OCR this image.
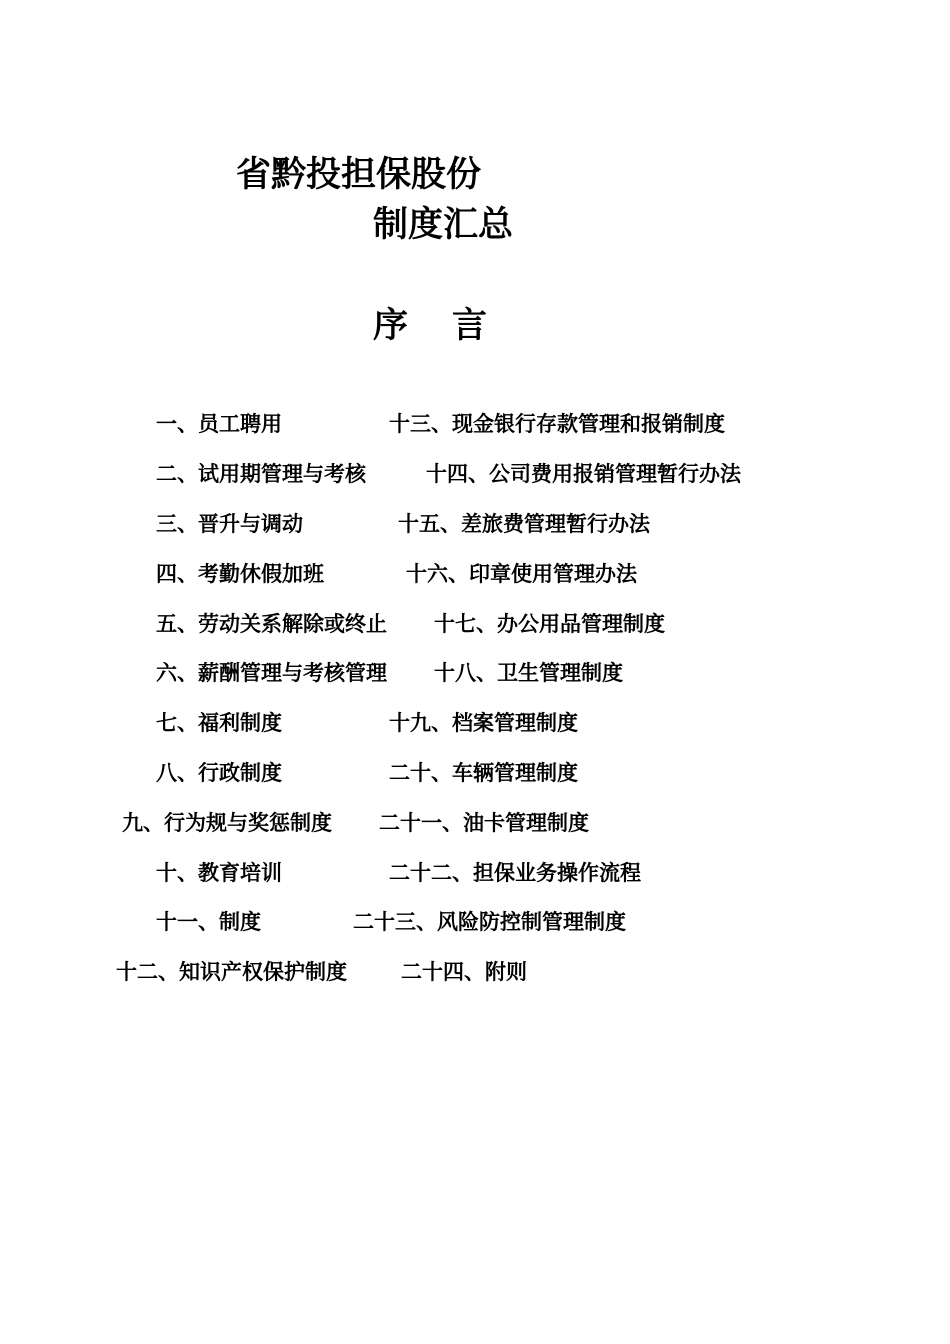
省黔投担保股份
制度汇总
序言
一、员工聘用
二、试用期管理与考核
三、晋升与调动
四、考勤休假加班
五、劳动关系解除或终止
六、薪酬管理与考核管理
七、福利制度
八、行政制度
九、行为规与奖惩制度
十、教育培训
十一、制度
十二、知识产权保护制度
十三、现金银行存款管理和报销制度
十四、公司费用报销管理暂行办法
十五、差旅费管理暂行办法
十六、印章使用管理办法
十七、办公用品管理制度
十八、卫生管理制度
十九、档案管理制度
二十、车辆管理制度
二十一、油卡管理制度
二十二、担保业务操作流程
二十三、风险防控制管理制度
二十四、附则
